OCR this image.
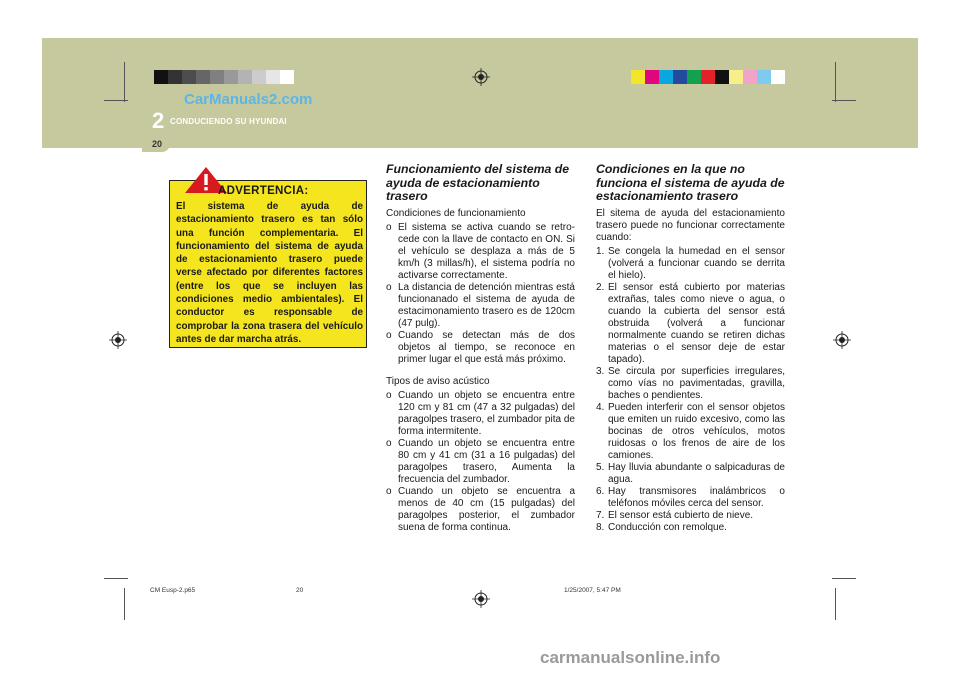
CarManuals2.com
2 CONDUCIENDO SU HYUNDAI
20
ADVERTENCIA:
El sistema de ayuda de estacionamiento trasero es tan sólo una función complementaria. El funcionamiento del sistema de ayuda de estacionamiento trasero puede verse afectado por diferentes factores (entre los que se incluyen las condiciones medio ambientales). El conductor es responsable de comprobar la zona trasera del vehículo antes de dar marcha atrás.
Funcionamiento del sistema de ayuda de estacionamiento trasero

Condiciones de funcionamiento

o El sistema se activa cuando se retro-cede con la llave de contacto en ON. Si el vehículo se desplaza a más de 5 km/h (3 millas/h), el sistema podría no activarse correctamente.
o La distancia de detención mientras está funcionanado el sistema de ayuda de estacimonamiento trasero es de 120cm (47 pulg).
o Cuando se detectan más de dos objetos al tiempo, se reconoce en primer lugar el que está más próximo.

Tipos de aviso acústico

o Cuando un objeto se encuentra entre 120 cm y 81 cm (47 a 32 pulgadas) del paragolpes trasero, el zumbador pita de forma intermitente.
o Cuando un objeto se encuentra entre 80 cm y 41 cm (31 a 16 pulgadas) del paragolpes trasero, Aumenta la frecuencia del zumbador.
o Cuando un objeto se encuentra a menos de 40 cm (15 pulgadas) del paragolpes posterior, el zumbador suena de forma continua.
Condiciones en la que no funciona el sistema de ayuda de estacionamiento trasero

El sitema de ayuda del estacionamiento trasero puede no funcionar correctamente cuando:

1. Se congela la humedad en el sensor (volverá a funcionar cuando se derrita el hielo).
2. El sensor está cubierto por materias extrañas, tales como nieve o agua, o cuando la cubierta del sensor está obstruida (volverá a funcionar normalmente cuando se retiren dichas materias o el sensor deje de estar tapado).
3. Se circula por superficies irregulares, como vías no pavimentadas, gravilla, baches o pendientes.
4. Pueden interferir con el sensor objetos que emiten un ruido excesivo, como las bocinas de otros vehículos, motos ruidosas o los frenos de aire de los camiones.
5. Hay lluvia abundante o salpicaduras de agua.
6. Hay transmisores inalámbricos o teléfonos móviles cerca del sensor.
7. El sensor está cubierto de nieve.
8. Conducción con remolque.
CM Eusp-2.p65	20	1/25/2007, 5:47 PM
carmanualsonline.info
